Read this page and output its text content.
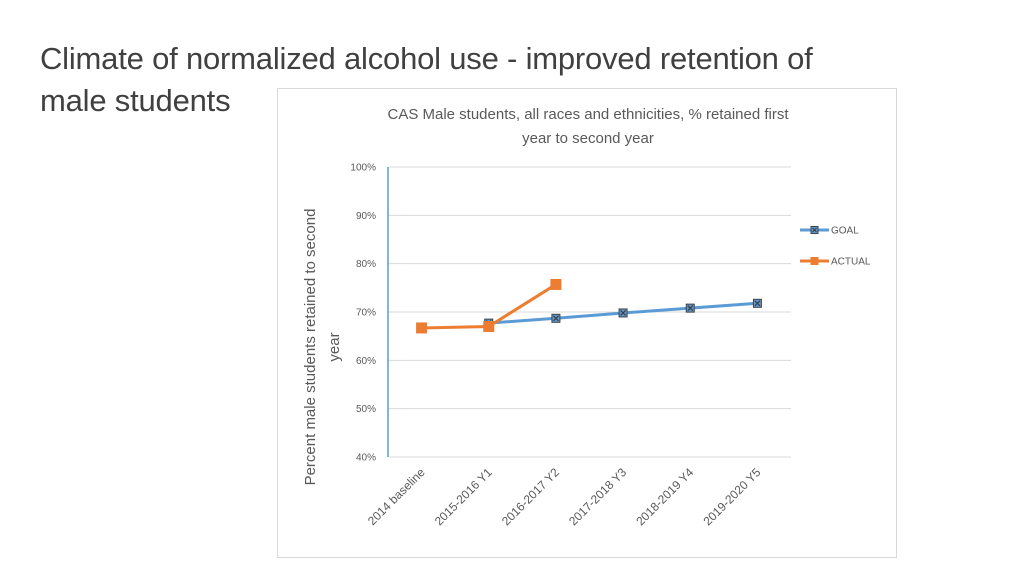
Climate of normalized alcohol use - improved retention of
male students	CAS Male students, all races and ethnicities, % retained first
year to second year
Percent male students retained to second year
40%
50%
60%
70%
80%
90%
100%
2014 baseline 2015-2016 Y1 2016-2017 Y2 2017-2018 Y3 2018-2019 Y4 2019-2020 Y5
GOAL
ACTUAL
